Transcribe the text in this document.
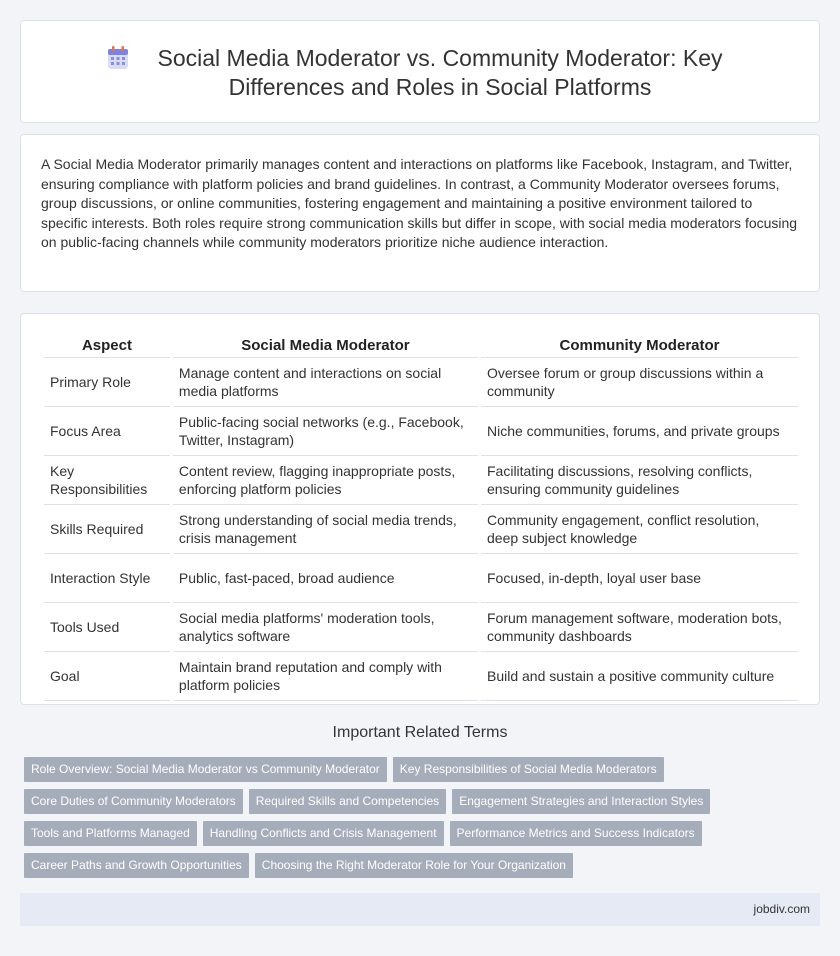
Social Media Moderator vs. Community Moderator: Key Differences and Roles in Social Platforms

A Social Media Moderator primarily manages content and interactions on platforms like Facebook, Instagram, and Twitter, ensuring compliance with platform policies and brand guidelines. In contrast, a Community Moderator oversees forums, group discussions, or online communities, fostering engagement and maintaining a positive environment tailored to specific interests. Both roles require strong communication skills but differ in scope, with social media moderators focusing on public-facing channels while community moderators prioritize niche audience interaction.

Aspect	Social Media Moderator	Community Moderator
Primary Role	Manage content and interactions on social media platforms	Oversee forum or group discussions within a community
Focus Area	Public-facing social networks (e.g., Facebook, Twitter, Instagram)	Niche communities, forums, and private groups
Key Responsibilities	Content review, flagging inappropriate posts, enforcing platform policies	Facilitating discussions, resolving conflicts, ensuring community guidelines
Skills Required	Strong understanding of social media trends, crisis management	Community engagement, conflict resolution, deep subject knowledge
Interaction Style	Public, fast-paced, broad audience	Focused, in-depth, loyal user base
Tools Used	Social media platforms' moderation tools, analytics software	Forum management software, moderation bots, community dashboards
Goal	Maintain brand reputation and comply with platform policies	Build and sustain a positive community culture
Important Related Terms
Role Overview: Social Media Moderator vs Community Moderator Key Responsibilities of Social Media Moderators
Core Duties of Community Moderators Required Skills and Competencies Engagement Strategies and Interaction Styles
Tools and Platforms Managed Handling Conflicts and Crisis Management Performance Metrics and Success Indicators
Career Paths and Growth Opportunities Choosing the Right Moderator Role for Your Organization
jobdiv.com
